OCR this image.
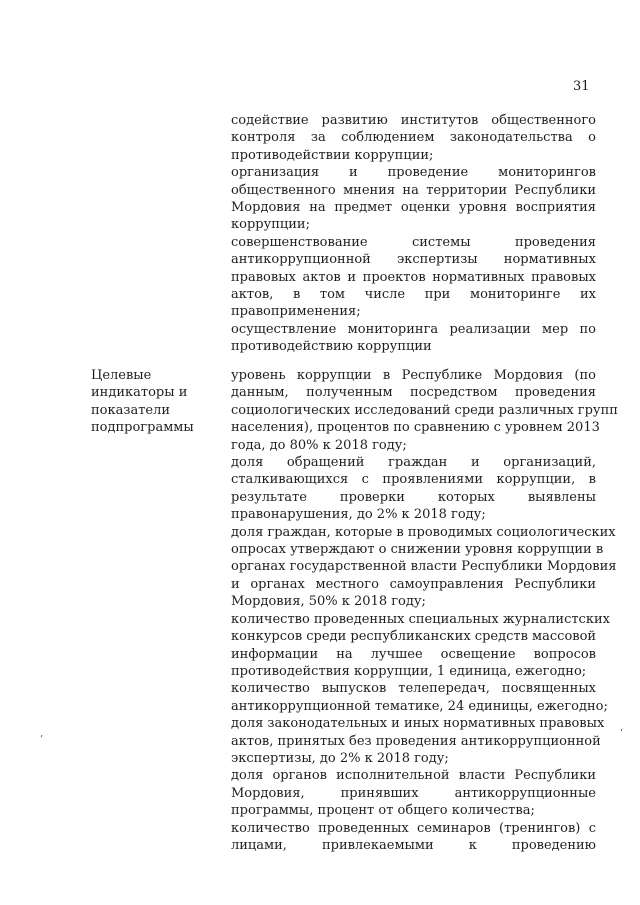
31
содействие развитию институтов общественного
контроля за соблюдением законодательства о
противодействии коррупции;
организация и проведение мониторингов
общественного мнения на территории Республики
Мордовия на предмет оценки уровня восприятия
коррупции;
совершенствование системы проведения
антикоррупционной экспертизы нормативных
правовых актов и проектов нормативных правовых
актов, в том числе при мониторинге их
правоприменения;
осуществление мониторинга реализации мер по
противодействию коррупции
Целевые
индикаторы и
показатели
подпрограммы
уровень коррупции в Республике Мордовия (по
данным, полученным посредством проведения
социологических исследований среди различных групп
населения), процентов по сравнению с уровнем 2013
года, до 80% к 2018 году;
доля обращений граждан и организаций,
сталкивающихся с проявлениями коррупции, в
результате проверки которых выявлены
правонарушения, до 2% к 2018 году;
доля граждан, которые в проводимых социологических
опросах утверждают о снижении уровня коррупции в
органах государственной власти Республики Мордовия
и органах местного самоуправления Республики
Мордовия, 50% к 2018 году;
количество проведенных специальных журналистских
конкурсов среди республиканских средств массовой
информации на лучшее освещение вопросов
противодействия коррупции, 1 единица, ежегодно;
количество выпусков телепередач, посвященных
антикоррупционной тематике, 24 единицы, ежегодно;
доля законодательных и иных нормативных правовых
актов, принятых без проведения антикоррупционной
экспертизы, до 2% к 2018 году;
доля органов исполнительной власти Республики
Мордовия, принявших антикоррупционные
программы, процент от общего количества;
количество проведенных семинаров (тренингов) с
лицами, привлекаемыми к проведению
‚	‘
